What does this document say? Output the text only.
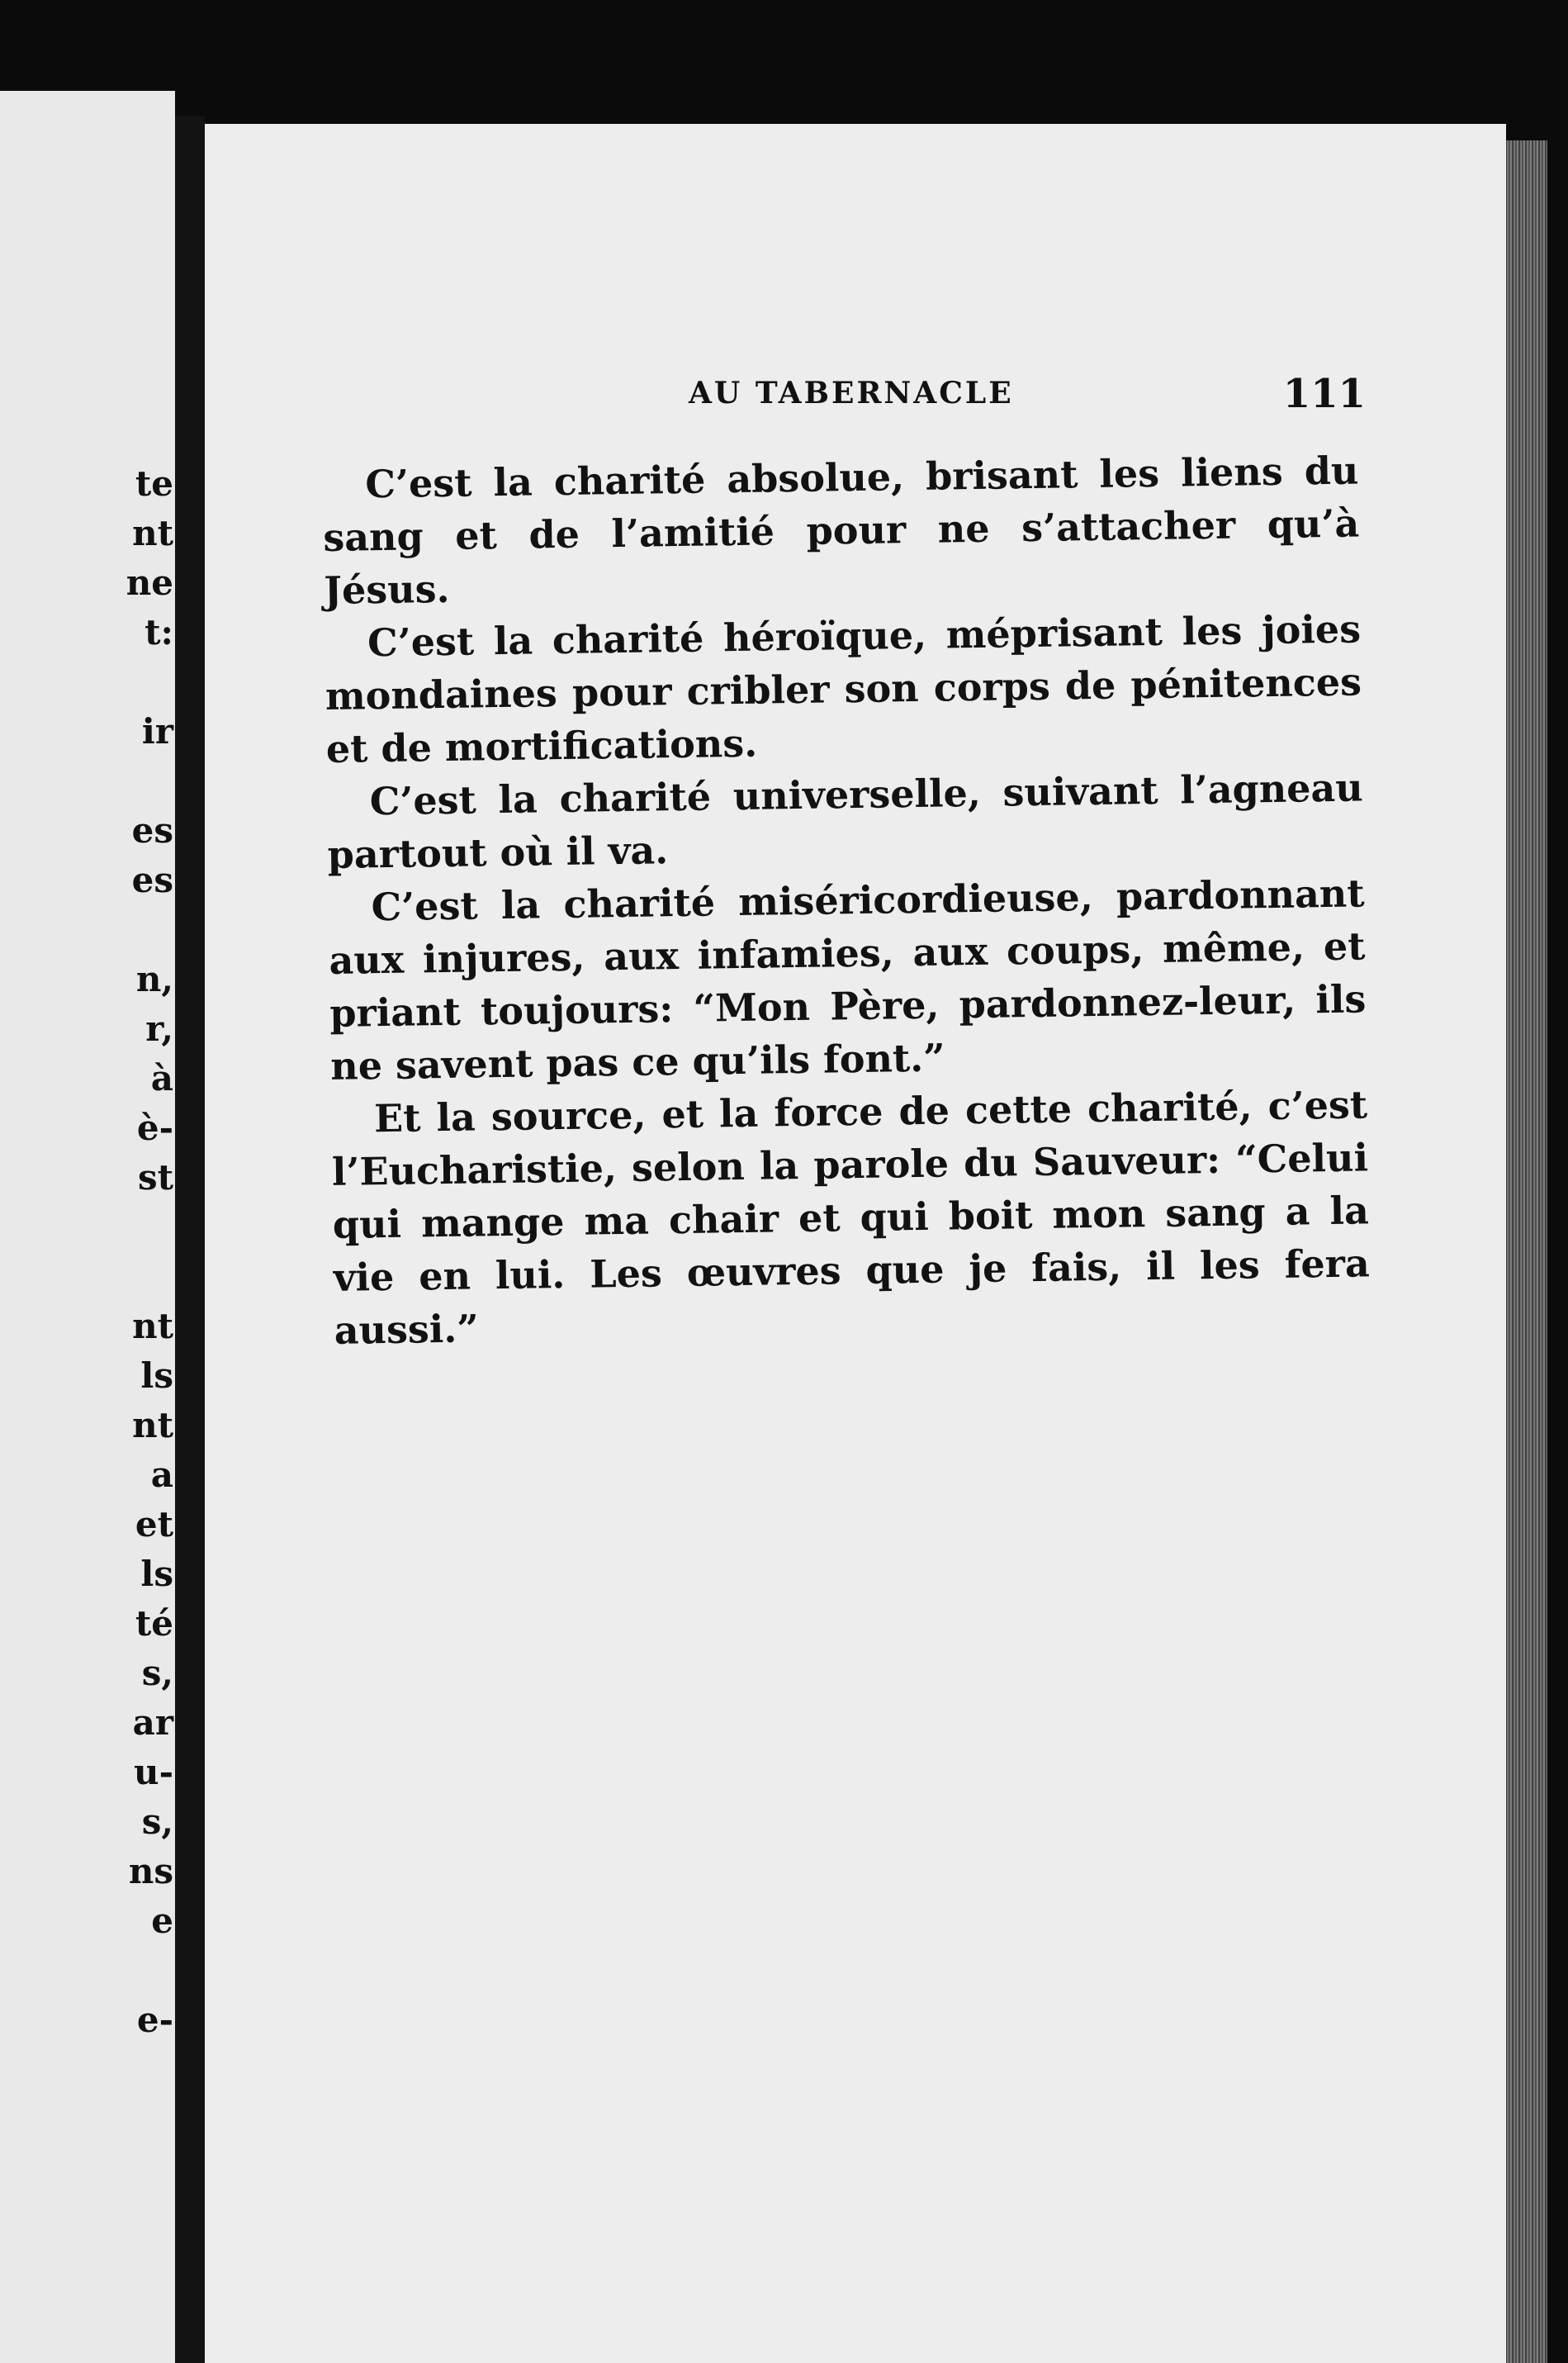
te
nt
ne
t:
ir
es
es
n,
r,
à
è-
st
nt
ls
nt
a
et
ls
té
s,
ar
u-
s,
ns
e
e-
AU TABERNACLE	111

C’est la charité absolue, brisant les liens du sang et de l’amitié pour ne s’attacher qu’à Jésus.

C’est la charité héroïque, méprisant les joies mondaines pour cribler son corps de pénitences et de mortifications.

C’est la charité universelle, suivant l’agneau partout où il va.

C’est la charité miséricordieuse, pardonnant aux injures, aux infamies, aux coups, même, et priant toujours: “Mon Père, pardonnez-leur, ils ne savent pas ce qu’ils font.”

Et la source, et la force de cette charité, c’est l’Eucharistie, selon la parole du Sauveur: “Celui qui mange ma chair et qui boit mon sang a la vie en lui. Les œuvres que je fais, il les fera aussi.”
